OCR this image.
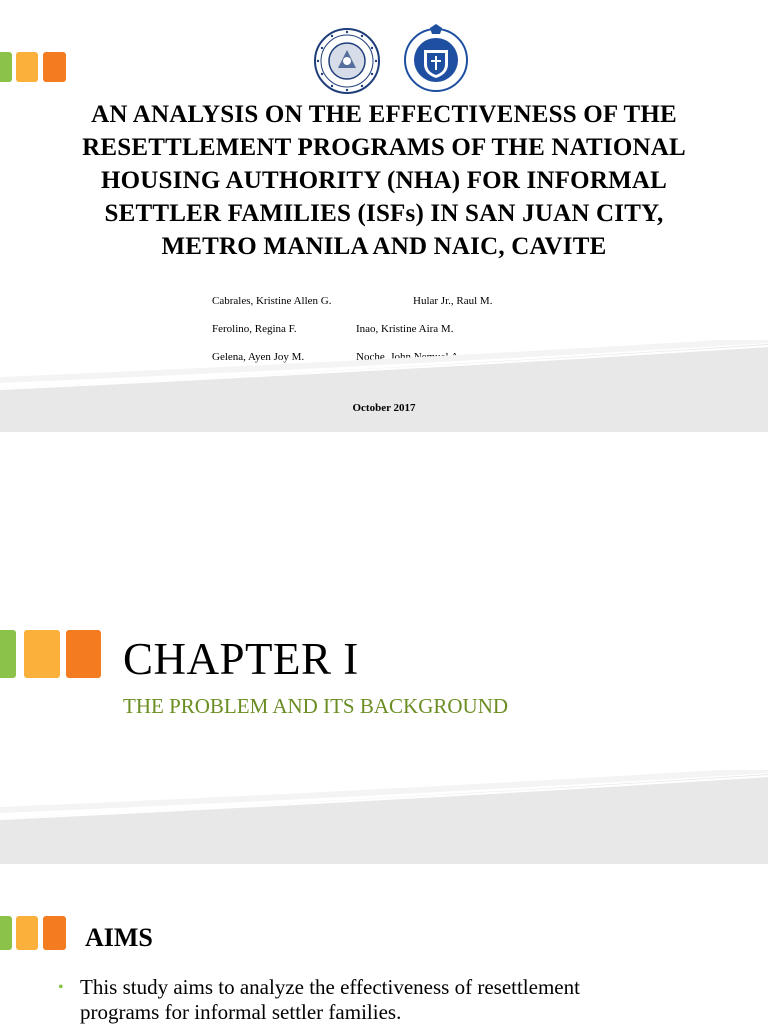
AN ANALYSIS ON THE EFFECTIVENESS OF THE
RESETTLEMENT PROGRAMS OF THE NATIONAL
HOUSING AUTHORITY (NHA) FOR INFORMAL
SETTLER FAMILIES (ISFs) IN SAN JUAN CITY,
METRO MANILA AND NAIC, CAVITE
Cabrales, Kristine Allen G.	Hular Jr., Raul M.
Ferolino, Regina F.	Inao, Kristine Aira M.
Gelena, Ayen Joy M.	Noche, John Nemuel A.
October 2017
CHAPTER I
THE PROBLEM AND ITS BACKGROUND
AIMS
• This study aims to analyze the effectiveness of resettlement
programs for informal settler families.
